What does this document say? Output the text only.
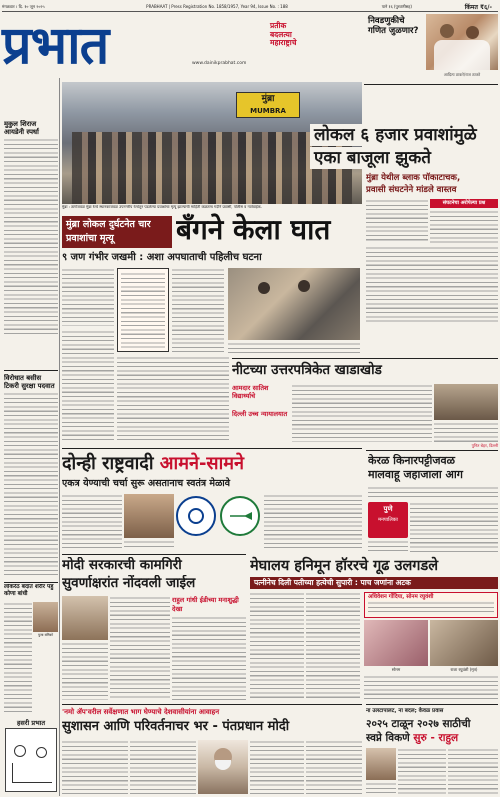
मंगळवार । दि. १० जून २०२५	PRABHAAT | Press Registration No. 1858/1957, Year 94, Issue No. : 188	पाने १६ (पुरवणीसह)	किंमत ₹६/-
प्रभात	प्रतीक
बदलत्या
महाराष्ट्राचे
www.dainikprabhat.com
निवडणुकीचे गणित जुळणार?
आदित्य ठाकरे/राज ठाकरे
मुकुल शिराज आयडेनी स्पर्धा
विरोधात बसीस टिकरी सुरक्षा पदवात
लोकरेठ बंदात शरीर पहुं कोणा बांधी
पुजा बनिको
हसरी प्रभात
मुंब्रा
MUMBRA
मुंब्रा : ठाणेजवळ मुंब्रा रेल्वे स्थानकाजवळ उपनगरीय रेल्वेतून पडलेल्या प्रवाशांचा मृत्यू झाल्याची माहिती कळताच गर्दीने प्रवासी, पोलीस व नातेवाईक.
मुंब्रा लोकल दुर्घटनेत चार प्रवाशांचा मृत्यू	बँगने केला घात
९ जण गंभीर जखमी : अशा अपघाताची पहिलीच घटना
लोकल ६ हजार प्रवाशांमुळे
एका बाजूला झुकते
मुंब्रा येथील ब्लाक पॉकाटाचक,
प्रवासी संघटनेने मांडले वास्तव
संघटनेचा अरोपेल्या प्रश्न
नीटच्या उत्तरपत्रिकेत खाडाखोड
आमदार सातिश विद्यार्थ्याचे
दिल्ली उच्च न्यायालयात
पुनित बेहर, डिल्ली
केरळ किनारपट्टीजवळ
मालवाहू जहाजाला आग
पुणे
मनपालिका
दोन्ही राष्ट्रवादी आमने-सामने
एकत्र येण्याची चर्चा सुरू असतानाच स्वतंत्र मेळावे
मोदी सरकारची कामगिरी
सुवर्णाक्षरांत नोंदवली जाईल
राहुल गांधी ईडीच्या मनाशुद्धी देखा
मेघालय हनिमून हॉररचे गूढ उलगडले
पत्नीनेच दिली पतीच्या हत्येची सुपारी : पाच जणांना अटक
अधिवेशन गोंदिया, सोनम रघुवंशी
सोनम	राजा रघुवंशी (मृत)
'नमो ॲप'वरील सर्वेक्षणात भाग घेण्याचे देशवासीयांना आवाहन
सुशासन आणि परिवर्तनाचर भर - पंतप्रधान मोदी
ना उलटापालट, ना बदल; केवळ प्रवास
२०२५ टाळून २०२७ साठीची
स्वप्ने विकणे सुरु - राहुल
